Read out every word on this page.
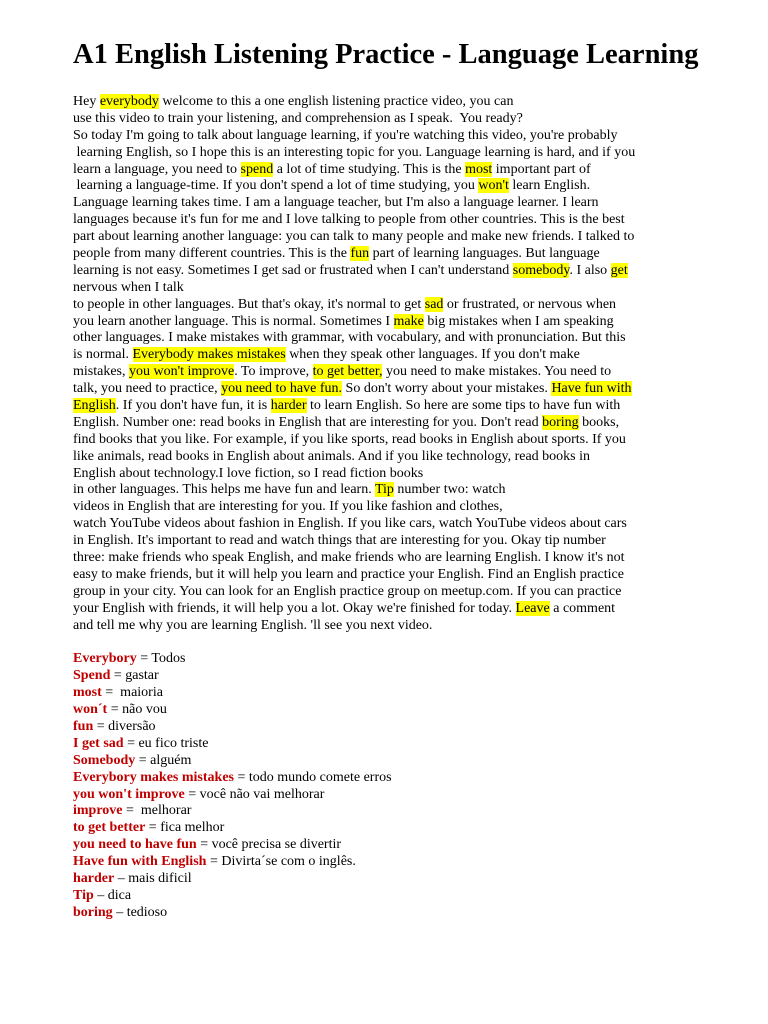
A1 English Listening Practice - Language Learning
Hey everybody welcome to this a one english listening practice video, you can
use this video to train your listening, and comprehension as I speak.  You ready?
So today I'm going to talk about language learning, if you're watching this video, you're probably
learning English, so I hope this is an interesting topic for you. Language learning is hard, and if you
learn a language, you need to spend a lot of time studying. This is the most important part of
learning a language-time. If you don't spend a lot of time studying, you won't learn English.
Language learning takes time. I am a language teacher, but I'm also a language learner. I learn
languages because it's fun for me and I love talking to people from other countries. This is the best
part about learning another language: you can talk to many people and make new friends. I talked to
people from many different countries. This is the fun part of learning languages. But language
learning is not easy. Sometimes I get sad or frustrated when I can't understand somebody. I also get
nervous when I talk
to people in other languages. But that's okay, it's normal to get sad or frustrated, or nervous when
you learn another language. This is normal. Sometimes I make big mistakes when I am speaking
other languages. I make mistakes with grammar, with vocabulary, and with pronunciation. But this
is normal. Everybody makes mistakes when they speak other languages. If you don't make
mistakes, you won't improve. To improve, to get better, you need to make mistakes. You need to
talk, you need to practice, you need to have fun. So don't worry about your mistakes. Have fun with
English. If you don't have fun, it is harder to learn English. So here are some tips to have fun with
English. Number one: read books in English that are interesting for you. Don't read boring books,
find books that you like. For example, if you like sports, read books in English about sports. If you
like animals, read books in English about animals. And if you like technology, read books in
English about technology.I love fiction, so I read fiction books
in other languages. This helps me have fun and learn. Tip number two: watch
videos in English that are interesting for you. If you like fashion and clothes,
watch YouTube videos about fashion in English. If you like cars, watch YouTube videos about cars
in English. It's important to read and watch things that are interesting for you. Okay tip number
three: make friends who speak English, and make friends who are learning English. I know it's not
easy to make friends, but it will help you learn and practice your English. Find an English practice
group in your city. You can look for an English practice group on meetup.com. If you can practice
your English with friends, it will help you a lot. Okay we're finished for today. Leave a comment
and tell me why you are learning English. 'll see you next video.
Everybory = Todos
Spend = gastar
most =  maioria
won´t = não vou
fun = diversão
I get sad = eu fico triste
Somebody = alguém
Everybory makes mistakes = todo mundo comete erros
you won't improve = você não vai melhorar
improve =  melhorar
to get better = fica melhor
you need to have fun = você precisa se divertir
Have fun with English = Divirta´se com o inglês.
harder – mais dificil
Tip – dica
boring – tedioso
